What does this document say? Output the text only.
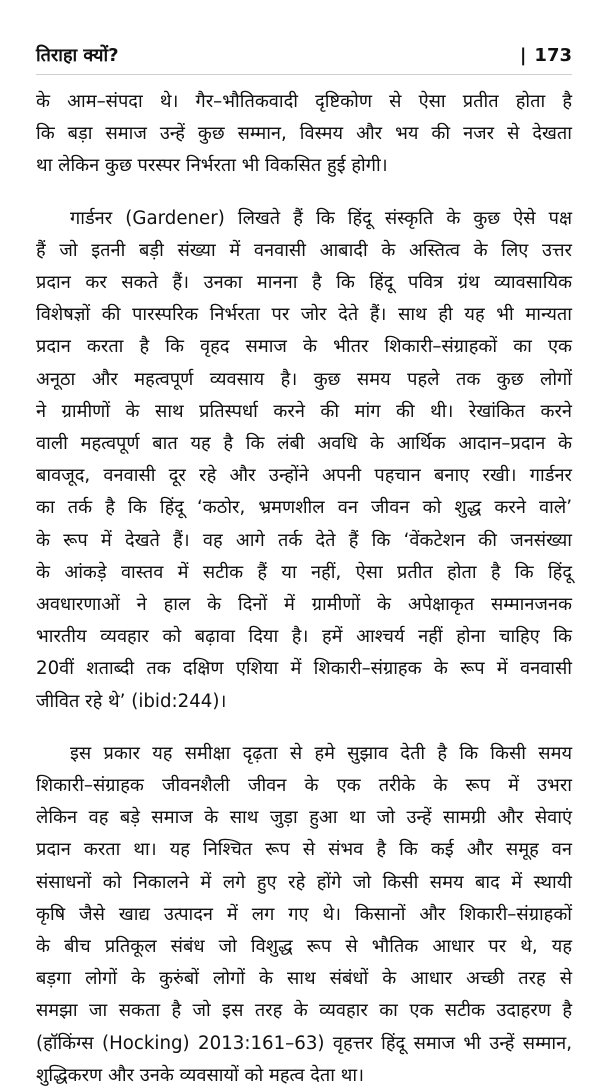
तिराहा क्यों?	| 173

के आम–संपदा थे। गैर–भौतिकवादी दृष्टिकोण से ऐसा प्रतीत होता है
कि बड़ा समाज उन्हें कुछ सम्मान, विस्मय और भय की नजर से देखता
था लेकिन कुछ परस्पर निर्भरता भी विकसित हुई होगी।

गार्डनर (Gardener) लिखते हैं कि हिंदू संस्कृति के कुछ ऐसे पक्ष
हैं जो इतनी बड़ी संख्या में वनवासी आबादी के अस्तित्व के लिए उत्तर
प्रदान कर सकते हैं। उनका मानना है कि हिंदू पवित्र ग्रंथ व्यावसायिक
विशेषज्ञों की पारस्परिक निर्भरता पर जोर देते हैं। साथ ही यह भी मान्यता
प्रदान करता है कि वृहद समाज के भीतर शिकारी–संग्राहकों का एक
अनूठा और महत्वपूर्ण व्यवसाय है। कुछ समय पहले तक कुछ लोगों
ने ग्रामीणों के साथ प्रतिस्पर्धा करने की मांग की थी। रेखांकित करने
वाली महत्वपूर्ण बात यह है कि लंबी अवधि के आर्थिक आदान–प्रदान के
बावजूद, वनवासी दूर रहे और उन्होंने अपनी पहचान बनाए रखी। गार्डनर
का तर्क है कि हिंदू ‘कठोर, भ्रमणशील वन जीवन को शुद्ध करने वाले’
के रूप में देखते हैं। वह आगे तर्क देते हैं कि ‘वेंकटेशन की जनसंख्या
के आंकड़े वास्तव में सटीक हैं या नहीं, ऐसा प्रतीत होता है कि हिंदू
अवधारणाओं ने हाल के दिनों में ग्रामीणों के अपेक्षाकृत सम्मानजनक
भारतीय व्यवहार को बढ़ावा दिया है। हमें आश्चर्य नहीं होना चाहिए कि
20वीं शताब्दी तक दक्षिण एशिया में शिकारी–संग्राहक के रूप में वनवासी
जीवित रहे थे’ (ibid:244)।

इस प्रकार यह समीक्षा दृढ़ता से हमे सुझाव देती है कि किसी समय
शिकारी–संग्राहक जीवनशैली जीवन के एक तरीके के रूप में उभरा
लेकिन वह बड़े समाज के साथ जुड़ा हुआ था जो उन्हें सामग्री और सेवाएं
प्रदान करता था। यह निश्चित रूप से संभव है कि कई और समूह वन
संसाधनों को निकालने में लगे हुए रहे होंगे जो किसी समय बाद में स्थायी
कृषि जैसे खाद्य उत्पादन में लग गए थे। किसानों और शिकारी–संग्राहकों
के बीच प्रतिकूल संबंध जो विशुद्ध रूप से भौतिक आधार पर थे, यह
बड़गा लोगों के कुरुंबों लोगों के साथ संबंधों के आधार अच्छी तरह से
समझा जा सकता है जो इस तरह के व्यवहार का एक सटीक उदाहरण है
(हॉकिंग्स (Hocking) 2013:161–63) वृहत्तर हिंदू समाज भी उन्हें सम्मान,
शुद्धिकरण और उनके व्यवसायों को महत्व देता था।
